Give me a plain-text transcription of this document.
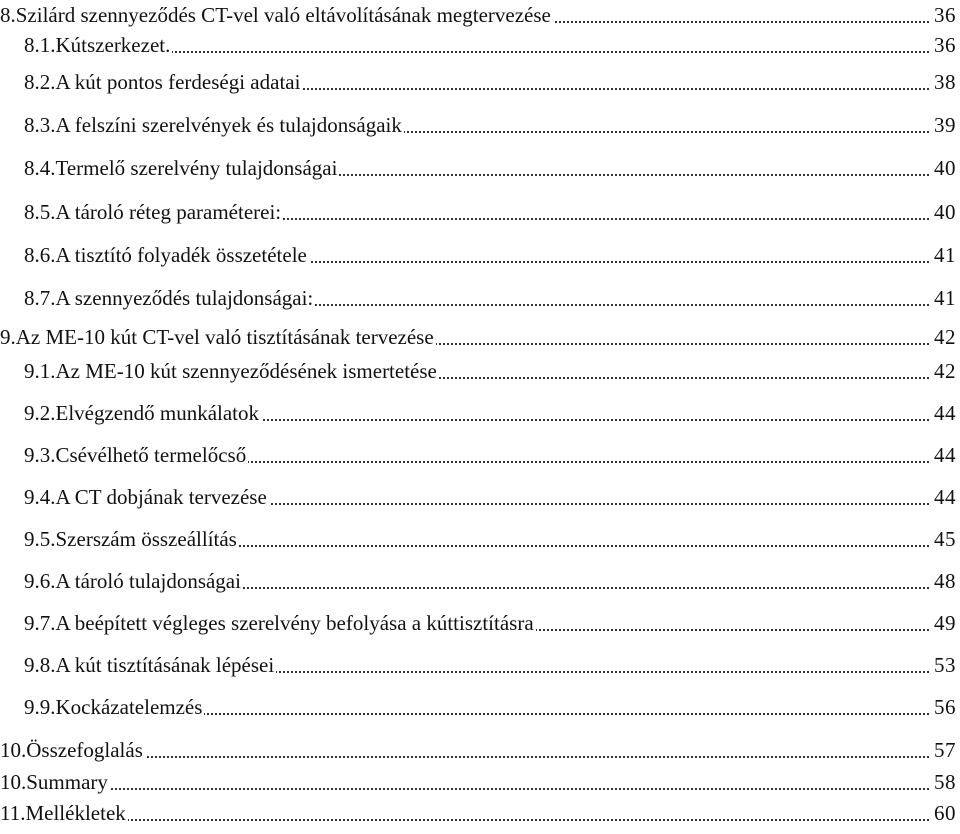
8.Szilárd szennyeződés CT-vel való eltávolításának megtervezése	36
8.1.Kútszerkezet.	36
8.2.A kút pontos ferdeségi adatai	38
8.3.A felszíni szerelvények és tulajdonságaik	39
8.4.Termelő szerelvény tulajdonságai	40
8.5.A tároló réteg paraméterei:	40
8.6.A tisztító folyadék összetétele	41
8.7.A szennyeződés tulajdonságai:	41
9.Az ME-10 kút CT-vel való tisztításának tervezése	42
9.1.Az ME-10 kút szennyeződésének ismertetése	42
9.2.Elvégzendő munkálatok	44
9.3.Csévélhető termelőcső	44
9.4.A CT dobjának tervezése	44
9.5.Szerszám összeállítás	45
9.6.A tároló tulajdonságai	48
9.7.A beépített végleges szerelvény befolyása a kúttisztításra	49
9.8.A kút tisztításának lépései	53
9.9.Kockázatelemzés	56
10.Összefoglalás	57
10.Summary	58
11.Mellékletek	60
